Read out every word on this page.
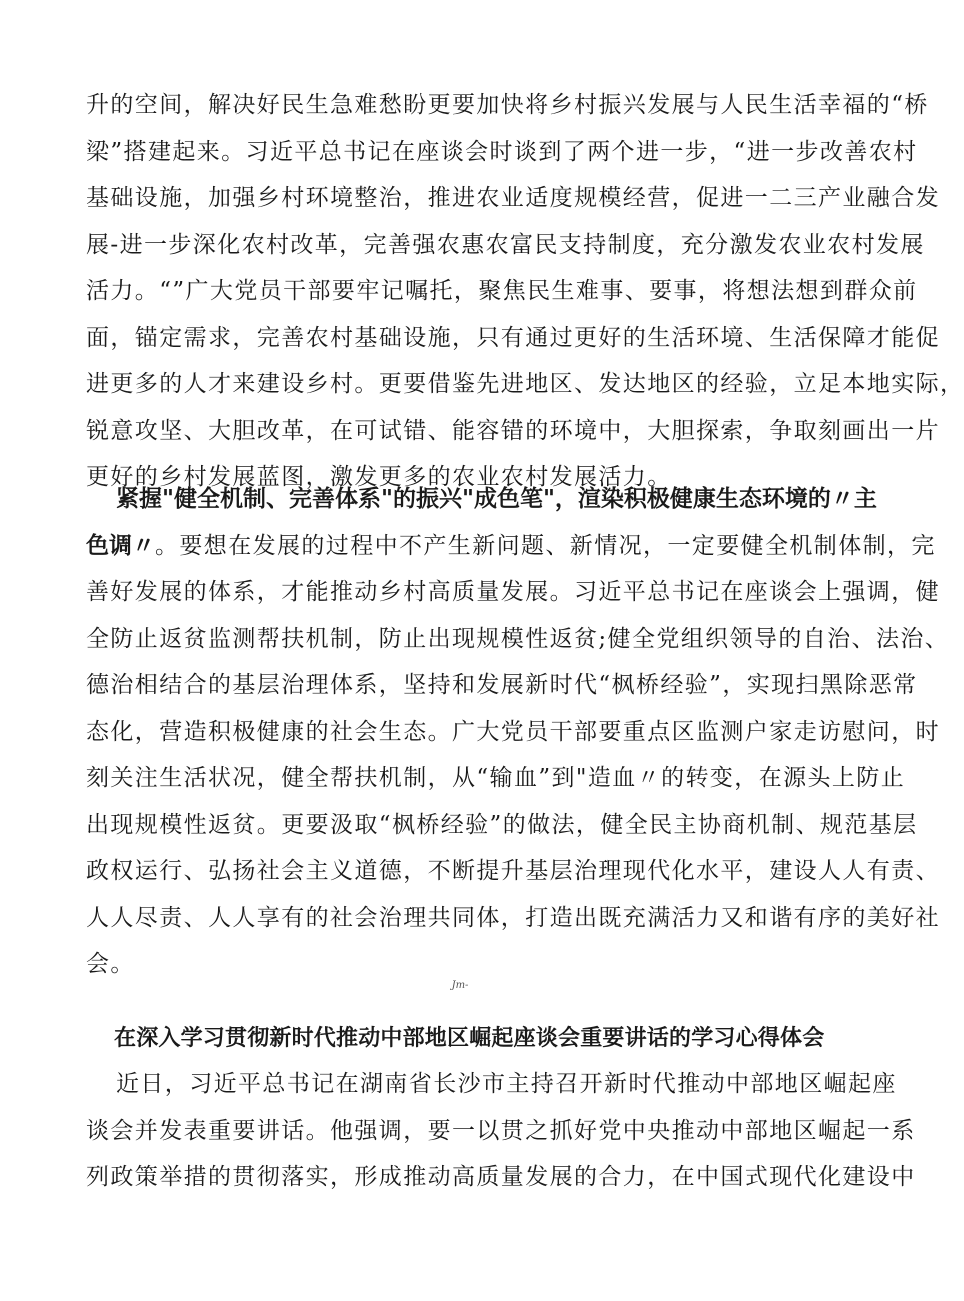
升的空间，解决好民生急难愁盼更要加快将乡村振兴发展与人民生活幸福的“桥
梁”搭建起来。习近平总书记在座谈会时谈到了两个进一步，“进一步改善农村
基础设施，加强乡村环境整治，推进农业适度规模经营，促进一二三产业融合发
展-进一步深化农村改革，完善强农惠农富民支持制度，充分激发农业农村发展
活力。“”广大党员干部要牢记嘱托，聚焦民生难事、要事，将想法想到群众前
面，锚定需求，完善农村基础设施，只有通过更好的生活环境、生活保障才能促
进更多的人才来建设乡村。更要借鉴先进地区、发达地区的经验，立足本地实际，
锐意攻坚、大胆改革，在可试错、能容错的环境中，大胆探索，争取刻画出一片
更好的乡村发展蓝图，激发更多的农业农村发展活力。
紧握"健全机制、完善体系"的振兴"成色笔"，渲染积极健康生态环境的〃主
色调〃。要想在发展的过程中不产生新问题、新情况，一定要健全机制体制，完
善好发展的体系，才能推动乡村高质量发展。习近平总书记在座谈会上强调，健
全防止返贫监测帮扶机制，防止出现规模性返贫;健全党组织领导的自治、法治、
德治相结合的基层治理体系，坚持和发展新时代“枫桥经验”，实现扫黑除恶常
态化，营造积极健康的社会生态。广大党员干部要重点区监测户家走访慰问，时
刻关注生活状况，健全帮扶机制，从“输血”到"造血〃的转变，在源头上防止
出现规模性返贫。更要汲取“枫桥经验”的做法，健全民主协商机制、规范基层
政权运行、弘扬社会主义道德，不断提升基层治理现代化水平，建设人人有责、
人人尽责、人人享有的社会治理共同体，打造出既充满活力又和谐有序的美好社
会。
Jm-
在深入学习贯彻新时代推动中部地区崛起座谈会重要讲话的学习心得体会
近日，习近平总书记在湖南省长沙市主持召开新时代推动中部地区崛起座
谈会并发表重要讲话。他强调，要一以贯之抓好党中央推动中部地区崛起一系
列政策举措的贯彻落实，形成推动高质量发展的合力，在中国式现代化建设中
